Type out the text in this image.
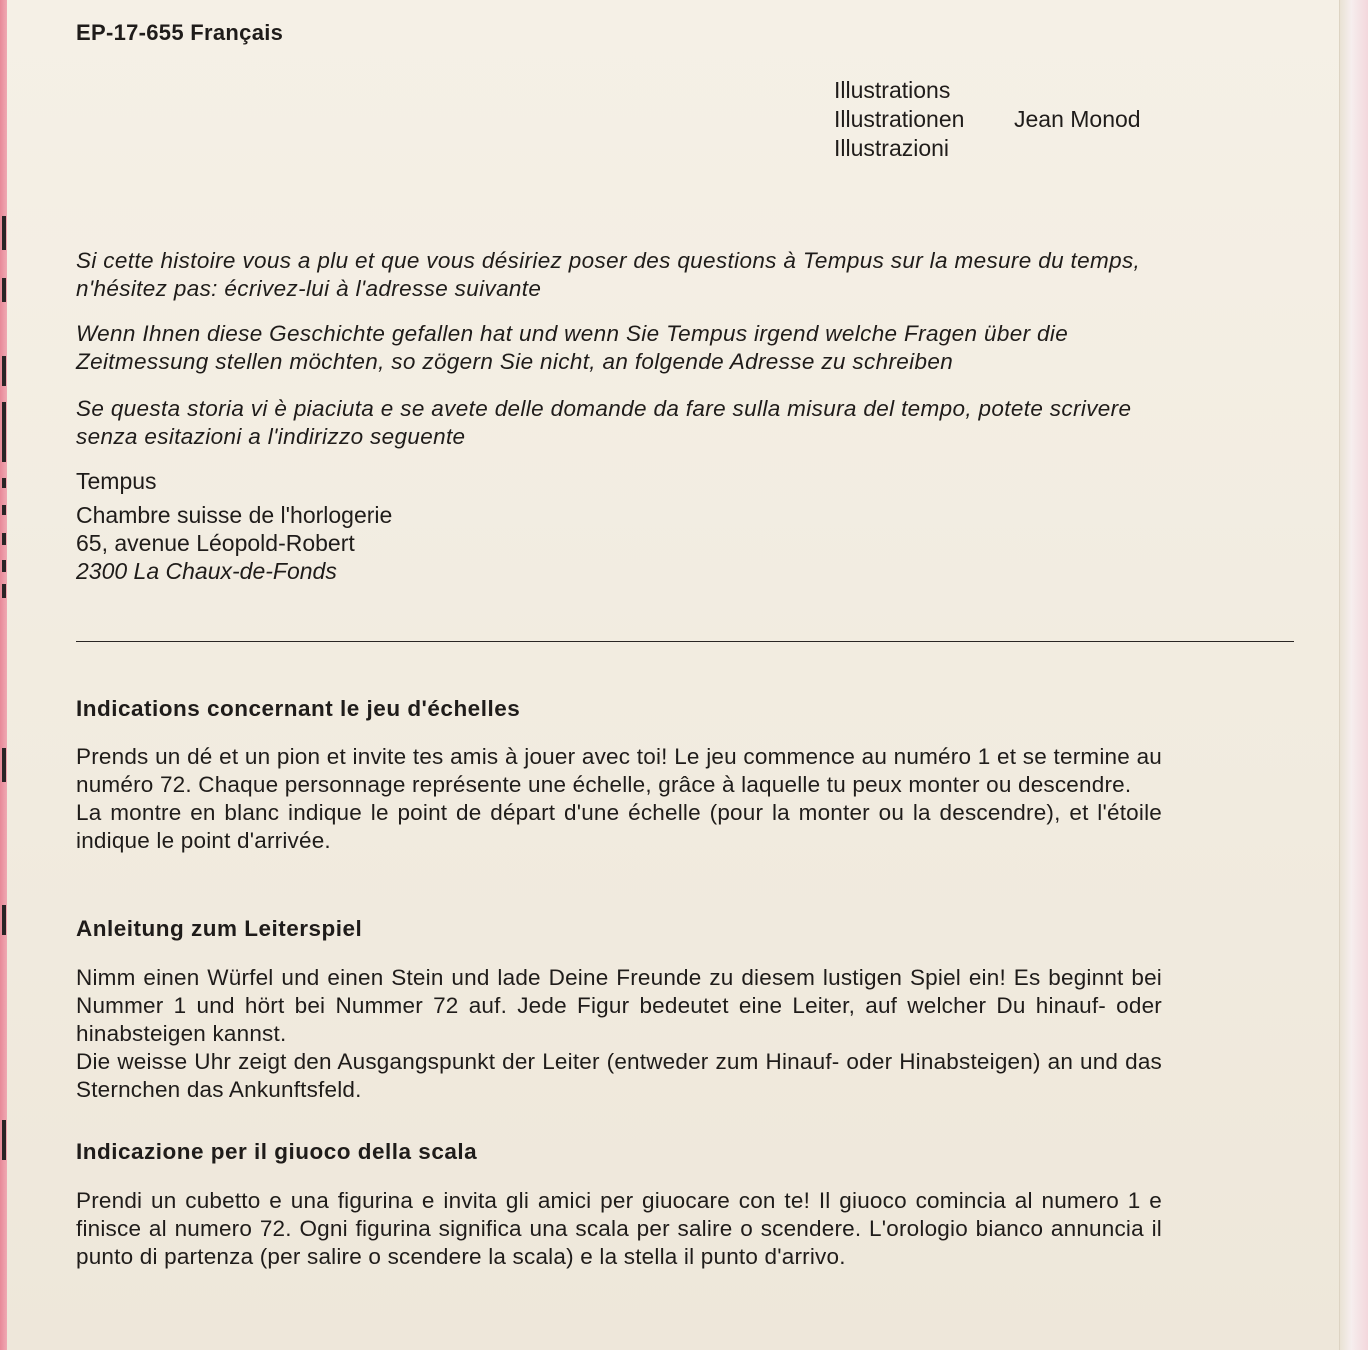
EP-17-655 Français
Illustrations
Illustrationen
Illustrazioni
Jean Monod
Si cette histoire vous a plu et que vous désiriez poser des questions à Tempus sur la mesure du temps, n'hésitez pas: écrivez-lui à l'adresse suivante
Wenn Ihnen diese Geschichte gefallen hat und wenn Sie Tempus irgend welche Fragen über die Zeitmessung stellen möchten, so zögern Sie nicht, an folgende Adresse zu schreiben
Se questa storia vi è piaciuta e se avete delle domande da fare sulla misura del tempo, potete scrivere senza esitazioni a l'indirizzo seguente
Tempus
Chambre suisse de l'horlogerie
65, avenue Léopold-Robert
2300 La Chaux-de-Fonds
Indications concernant le jeu d'échelles

Prends un dé et un pion et invite tes amis à jouer avec toi! Le jeu commence au numéro 1 et se termine au numéro 72. Chaque personnage représente une échelle, grâce à laquelle tu peux monter ou descendre.

La montre en blanc indique le point de départ d'une échelle (pour la monter ou la descendre), et l'étoile indique le point d'arrivée.

Anleitung zum Leiterspiel

Nimm einen Würfel und einen Stein und lade Deine Freunde zu diesem lustigen Spiel ein! Es beginnt bei Nummer 1 und hört bei Nummer 72 auf. Jede Figur bedeutet eine Leiter, auf welcher Du hinauf- oder hinabsteigen kannst.

Die weisse Uhr zeigt den Ausgangspunkt der Leiter (entweder zum Hinauf- oder Hinabsteigen) an und das Sternchen das Ankunftsfeld.

Indicazione per il giuoco della scala

Prendi un cubetto e una figurina e invita gli amici per giuocare con te! Il giuoco comincia al numero 1 e finisce al numero 72. Ogni figurina significa una scala per salire o scendere. L'orologio bianco annuncia il punto di partenza (per salire o scendere la scala) e la stella il punto d'arrivo.
